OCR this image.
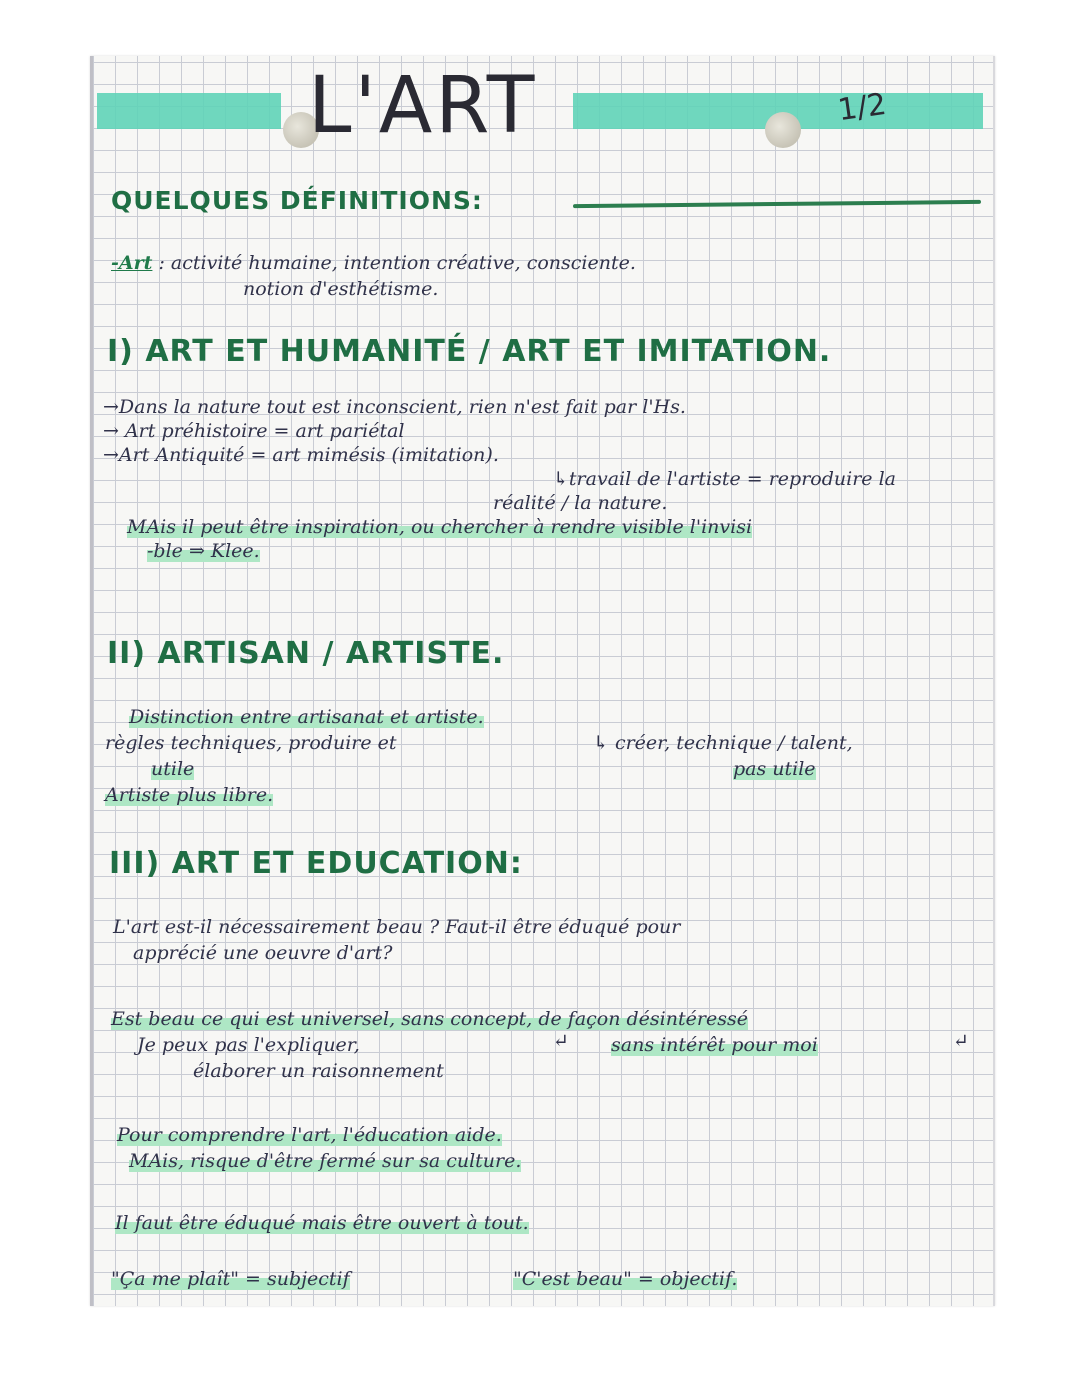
L'ART	1/2
QUELQUES DÉFINITIONS:
-Art : activité humaine, intention créative, consciente.
notion d'esthétisme.
I) ART ET HUMANITÉ / ART ET IMITATION.
→Dans la nature tout est inconscient, rien n'est fait par l'Hs.
→ Art préhistoire = art pariétal
→Art Antiquité = art mimésis (imitation).
↳travail de l'artiste = reproduire la
réalité / la nature.
MAis il peut être inspiration, ou chercher à rendre visible l'invisi
-ble ⇒ Klee.
II) ARTISAN / ARTISTE.
Distinction entre artisanat et artiste.
règles techniques, produire et	↳ créer, technique / talent,
utile	pas utile
Artiste plus libre.
III) ART ET EDUCATION:
L'art est-il nécessairement beau ? Faut-il être éduqué pour
apprécié une oeuvre d'art?
Est beau ce qui est universel, sans concept, de façon désintéressé
Je peux pas l'expliquer,	↵ sans intérêt pour moi	↵
élaborer un raisonnement
Pour comprendre l'art, l'éducation aide.
MAis, risque d'être fermé sur sa culture.
Il faut être éduqué mais être ouvert à tout.
"Ça me plaît" = subjectif	"C'est beau" = objectif.
